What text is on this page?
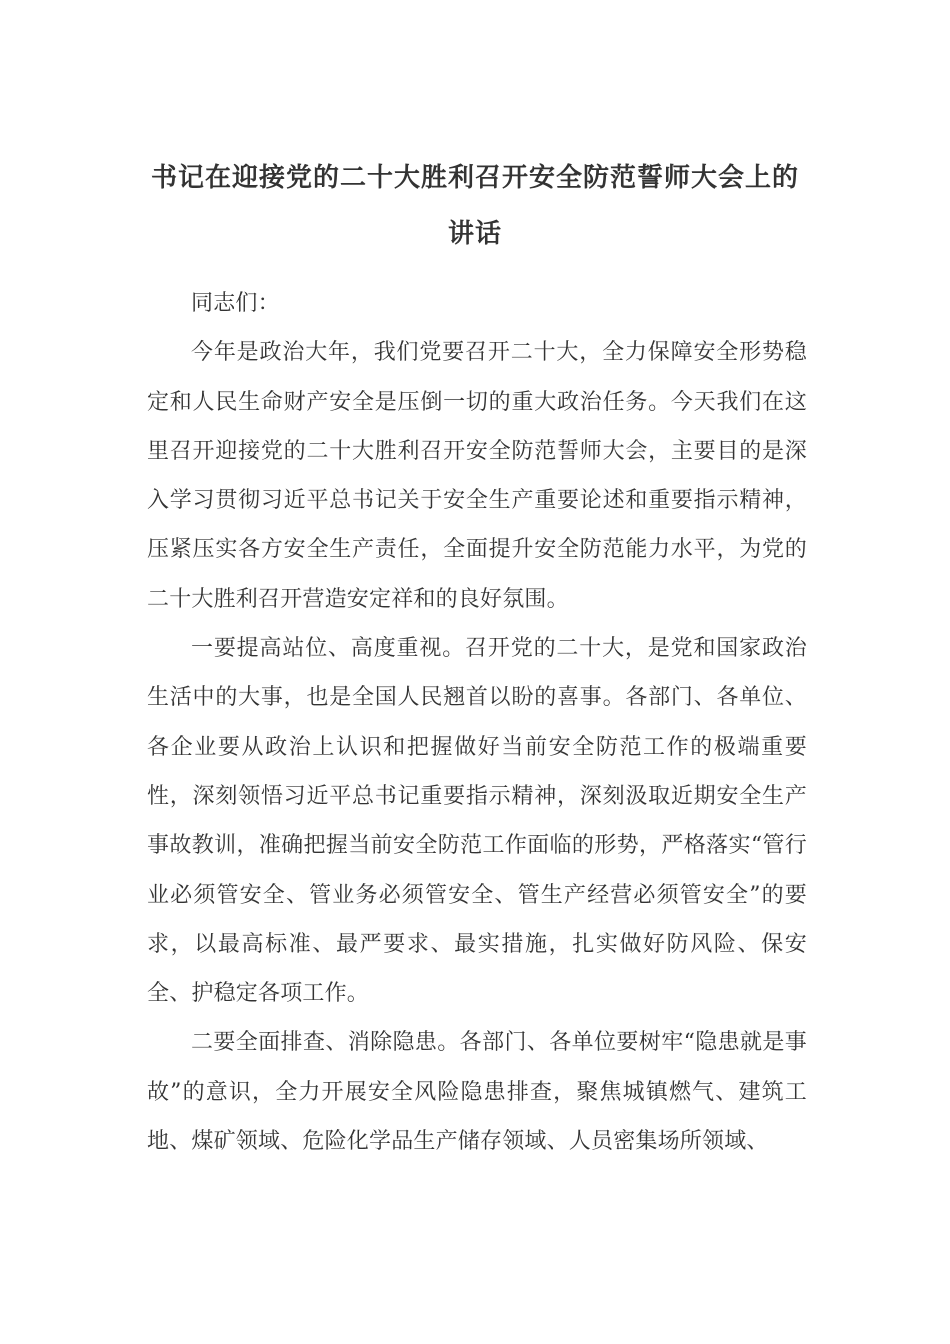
书记在迎接党的二十大胜利召开安全防范誓师大会上的讲话

同志们：

今年是政治大年，我们党要召开二十大，全力保障安全形势稳定和人民生命财产安全是压倒一切的重大政治任务。今天我们在这里召开迎接党的二十大胜利召开安全防范誓师大会，主要目的是深入学习贯彻习近平总书记关于安全生产重要论述和重要指示精神，压紧压实各方安全生产责任，全面提升安全防范能力水平，为党的二十大胜利召开营造安定祥和的良好氛围。

一要提高站位、高度重视。召开党的二十大，是党和国家政治生活中的大事，也是全国人民翘首以盼的喜事。各部门、各单位、各企业要从政治上认识和把握做好当前安全防范工作的极端重要性，深刻领悟习近平总书记重要指示精神，深刻汲取近期安全生产事故教训，准确把握当前安全防范工作面临的形势，严格落实“管行业必须管安全、管业务必须管安全、管生产经营必须管安全”的要求，以最高标准、最严要求、最实措施，扎实做好防风险、保安全、护稳定各项工作。

二要全面排查、消除隐患。各部门、各单位要树牢“隐患就是事故”的意识，全力开展安全风险隐患排查，聚焦城镇燃气、建筑工地、煤矿领域、危险化学品生产储存领域、人员密集场所领域、
